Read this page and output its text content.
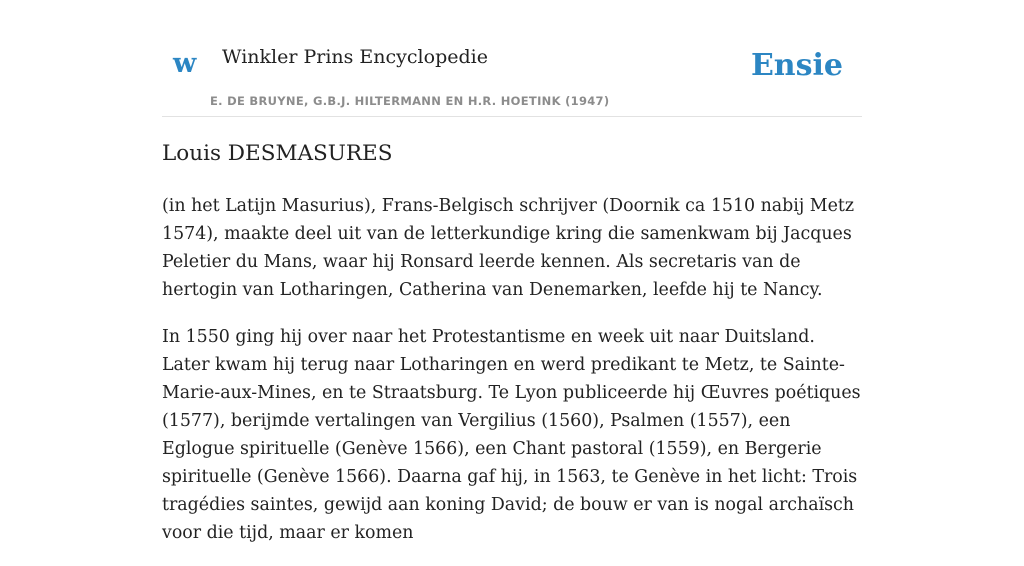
w Winkler Prins Encyclopedie
E. DE BRUYNE, G.B.J. HILTERMANN EN H.R. HOETINK (1947)
Ensie
Louis DESMASURES

(in het Latijn Masurius), Frans-Belgisch schrijver (Doornik ca 1510 nabij Metz 1574), maakte deel uit van de letterkundige kring die samenkwam bij Jacques Peletier du Mans, waar hij Ronsard leerde kennen. Als secretaris van de hertogin van Lotharingen, Catherina van Denemarken, leefde hij te Nancy.

In 1550 ging hij over naar het Protestantisme en week uit naar Duitsland. Later kwam hij terug naar Lotharingen en werd predikant te Metz, te Sainte-Marie-aux-Mines, en te Straatsburg. Te Lyon publiceerde hij Œuvres poétiques (1577), berijmde vertalingen van Vergilius (1560), Psalmen (1557), een Eglogue spirituelle (Genève 1566), een Chant pastoral (1559), en Bergerie spirituelle (Genève 1566). Daarna gaf hij, in 1563, te Genève in het licht: Trois tragédies saintes, gewijd aan koning David; de bouw er van is nogal archaïsch voor die tijd, maar er komen
